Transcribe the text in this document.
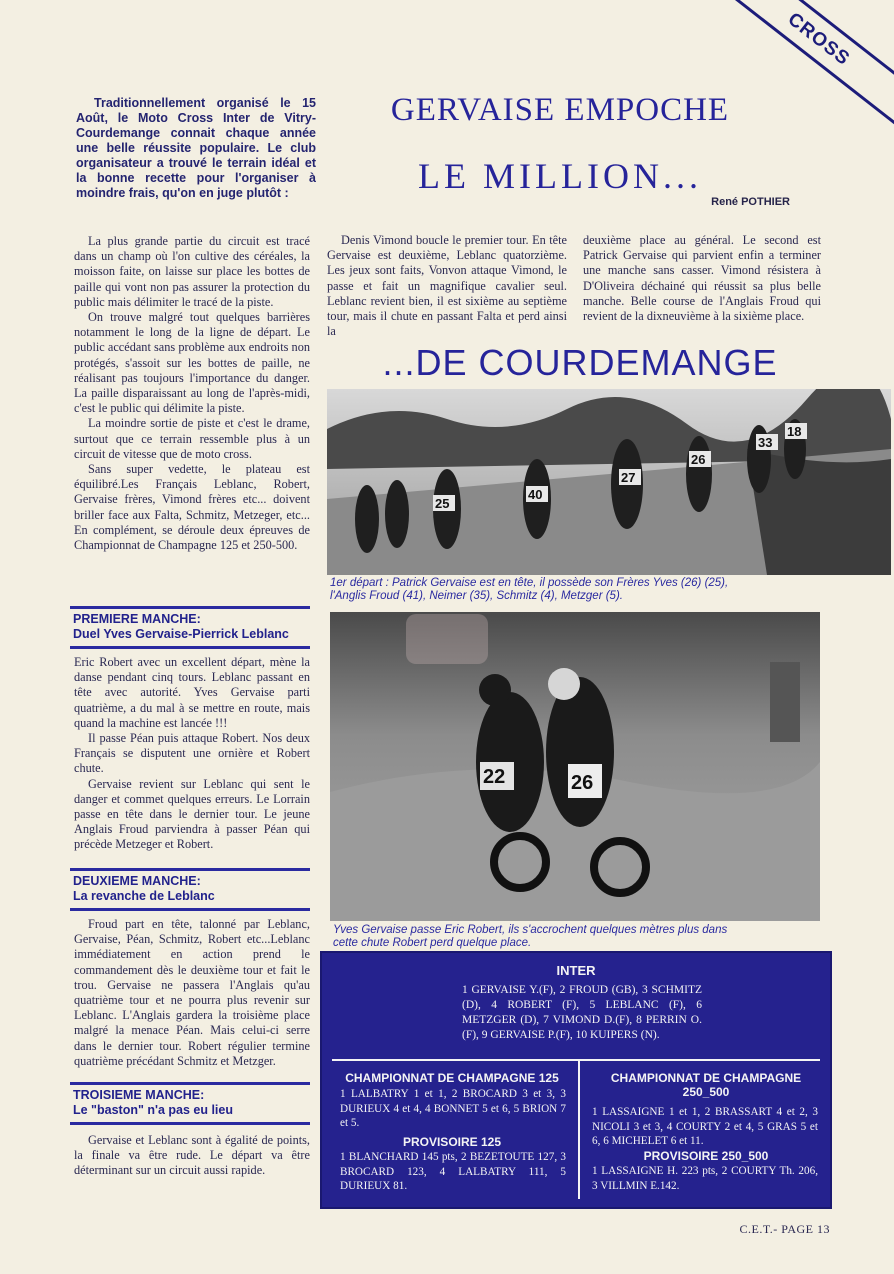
CROSS
Traditionnellement organisé le 15 Août, le Moto Cross Inter de Vitry-Courdemange connait chaque année une belle réussite populaire. Le club organisateur a trouvé le terrain idéal et la bonne recette pour l'organiser à moindre frais, qu'on en juge plutôt :
GERVAISE EMPOCHE
LE MILLION...
René POTHIER

La plus grande partie du circuit est tracé dans un champ où l'on cultive des céréales, la moisson faite, on laisse sur place les bottes de paille qui vont non pas assurer la protection du public mais délimiter le tracé de la piste.

On trouve malgré tout quelques barrières notamment le long de la ligne de départ. Le public accédant sans problème aux endroits non protégés, s'assoit sur les bottes de paille, ne réalisant pas toujours l'importance du danger. La paille disparaissant au long de l'après-midi, c'est le public qui délimite la piste.

La moindre sortie de piste et c'est le drame, surtout que ce terrain ressemble plus à un circuit de vitesse que de moto cross.

Sans super vedette, le plateau est équilibré.Les Français Leblanc, Robert, Gervaise frères, Vimond frères etc... doivent briller face aux Falta, Schmitz, Metzeger, etc... En complément, se déroule deux épreuves de Championnat de Champagne 125 et 250-500.

PREMIERE MANCHE:
Duel Yves Gervaise-Pierrick Leblanc

Eric Robert avec un excellent départ, mène la danse pendant cinq tours. Leblanc passant en tête avec autorité. Yves Gervaise parti quatrième, a du mal à se mettre en route, mais quand la machine est lancée !!!

Il passe Péan puis attaque Robert. Nos deux Français se disputent une ornière et Robert chute.

Gervaise revient sur Leblanc qui sent le danger et commet quelques erreurs. Le Lorrain passe en tête dans le dernier tour. Le jeune Anglais Froud parviendra à passer Péan qui précède Metzeger et Robert.

DEUXIEME MANCHE:
La revanche de Leblanc

Froud part en tête, talonné par Leblanc, Gervaise, Péan, Schmitz, Robert etc...Leblanc immédiatement en action prend le commandement dès le deuxième tour et fait le trou. Gervaise ne passera l'Anglais qu'au quatrième tour et ne pourra plus revenir sur Leblanc. L'Anglais gardera la troisième place malgré la menace Péan. Mais celui-ci serre dans le dernier tour. Robert régulier termine quatrième précédant Schmitz et Metzger.

TROISIEME MANCHE:
Le "baston" n'a pas eu lieu

Gervaise et Leblanc sont à égalité de points, la finale va être rude. Le départ va être déterminant sur un circuit aussi rapide.

Denis Vimond boucle le premier tour. En tête Gervaise est deuxième, Leblanc quatorzième. Les jeux sont faits, Vonvon attaque Vimond, le passe et fait un magnifique cavalier seul. Leblanc revient bien, il est sixième au septième tour, mais il chute en passant Falta et perd ainsi la

deuxième place au général. Le second est Patrick Gervaise qui parvient enfin a terminer une manche sans casser. Vimond résistera à D'Oliveira déchainé qui réussit sa plus belle manche. Belle course de l'Anglais Froud qui revient de la dixneuvième à la sixième place.

...DE COURDEMANGE
25
40
27
26
33
18
1er départ : Patrick Gervaise est en tête, il possède son Frères Yves (26) (25), l'Anglis Froud (41), Neimer (35), Schmitz (4), Metzger (5).
22	26
Yves Gervaise passe Eric Robert, ils s'accrochent quelques mètres plus dans cette chute Robert perd quelque place.
INTER
1 GERVAISE Y.(F), 2 FROUD (GB), 3 SCHMITZ (D), 4 ROBERT (F), 5 LEBLANC (F), 6 METZGER (D), 7 VIMOND D.(F), 8 PERRIN O.(F), 9 GERVAISE P.(F), 10 KUIPERS (N).
CHAMPIONNAT DE CHAMPAGNE 125
1 LALBATRY 1 et 1, 2 BROCARD 3 et 3, 3 DURIEUX 4 et 4, 4 BONNET 5 et 6, 5 BRION 7 et 5.
PROVISOIRE 125
1 BLANCHARD 145 pts, 2 BEZETOUTE 127, 3 BROCARD 123, 4 LALBATRY 111, 5 DURIEUX 81.
CHAMPIONNAT DE CHAMPAGNE
250_500
1 LASSAIGNE 1 et 1, 2 BRASSART 4 et 2, 3 NICOLI 3 et 3, 4 COURTY 2 et 4, 5 GRAS 5 et 6, 6 MICHELET 6 et 11.
PROVISOIRE 250_500
1 LASSAIGNE H. 223 pts, 2 COURTY Th. 206, 3 VILLMIN E.142.
C.E.T.- PAGE 13
